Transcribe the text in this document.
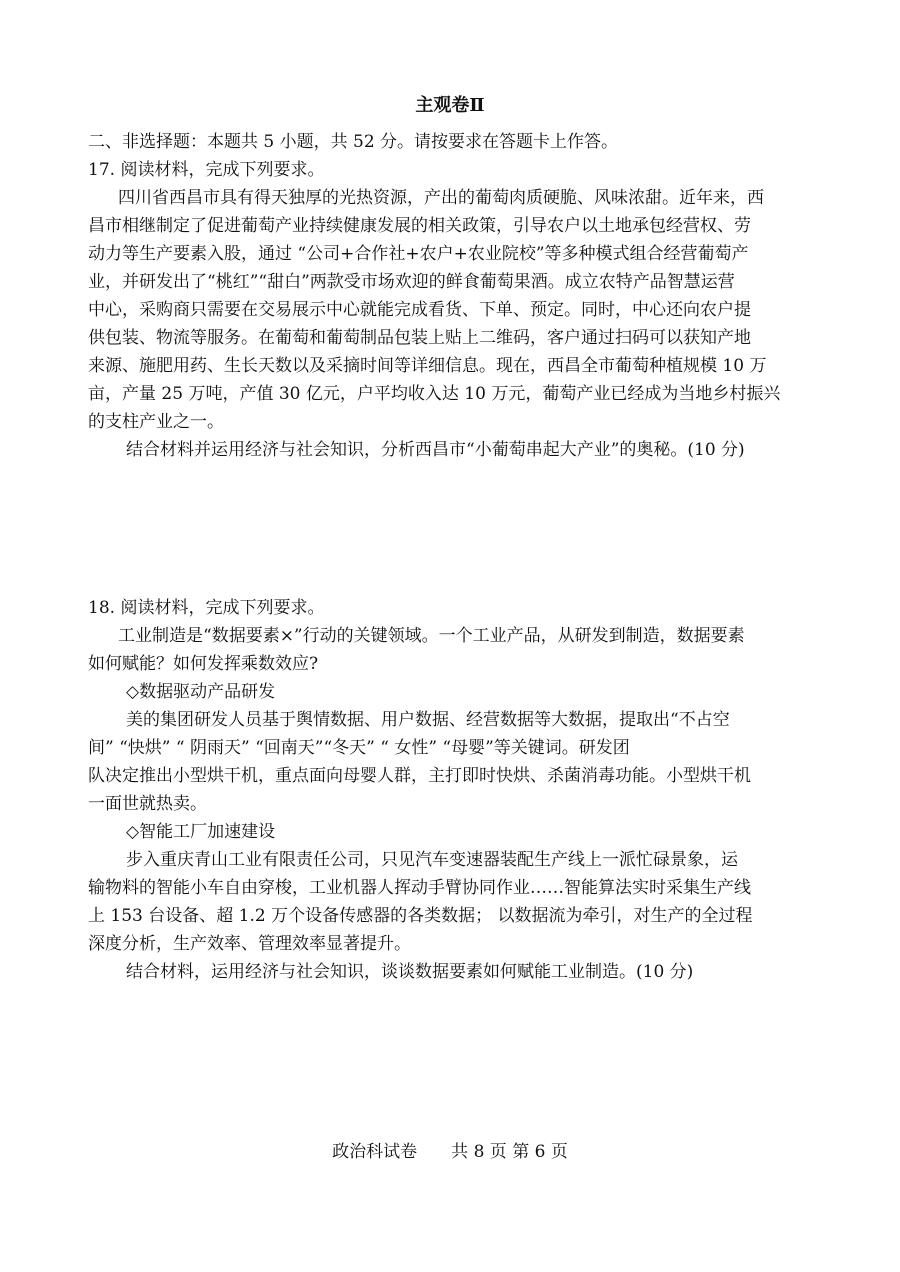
主观卷Ⅱ
二、非选择题：本题共 5 小题，共 52 分。请按要求在答题卡上作答。
17. 阅读材料，完成下列要求。
四川省西昌市具有得天独厚的光热资源，产出的葡萄肉质硬脆、风味浓甜。近年来，西
昌市相继制定了促进葡萄产业持续健康发展的相关政策，引导农户以土地承包经营权、劳
动力等生产要素入股，通过 “公司+合作社+农户+农业院校”等多种模式组合经营葡萄产
业，并研发出了“桃红”“甜白”两款受市场欢迎的鲜食葡萄果酒。成立农特产品智慧运营
中心，采购商只需要在交易展示中心就能完成看货、下单、预定。同时，中心还向农户提
供包装、物流等服务。在葡萄和葡萄制品包装上贴上二维码，客户通过扫码可以获知产地
来源、施肥用药、生长天数以及采摘时间等详细信息。现在，西昌全市葡萄种植规模 10 万
亩，产量 25 万吨，产值 30 亿元，户平均收入达 10 万元，葡萄产业已经成为当地乡村振兴
的支柱产业之一。
结合材料并运用经济与社会知识，分析西昌市“小葡萄串起大产业”的奥秘。(10 分)
18. 阅读材料，完成下列要求。
工业制造是“数据要素×”行动的关键领域。一个工业产品，从研发到制造，数据要素
如何赋能？如何发挥乘数效应?
◇数据驱动产品研发
美的集团研发人员基于舆情数据、用户数据、经营数据等大数据，提取出“不占空
间” “快烘” “ 阴雨天” “回南天”“冬天” “ 女性” “母婴”等关键词。研发团
队决定推出小型烘干机，重点面向母婴人群，主打即时快烘、杀菌消毒功能。小型烘干机
一面世就热卖。
◇智能工厂加速建设
步入重庆青山工业有限责任公司，只见汽车变速器装配生产线上一派忙碌景象，运
输物料的智能小车自由穿梭，工业机器人挥动手臂协同作业……智能算法实时采集生产线
上 153 台设备、超 1.2 万个设备传感器的各类数据； 以数据流为牵引，对生产的全过程
深度分析，生产效率、管理效率显著提升。
结合材料，运用经济与社会知识，谈谈数据要素如何赋能工业制造。(10 分)
政治科试卷　　共 8 页 第 6 页
